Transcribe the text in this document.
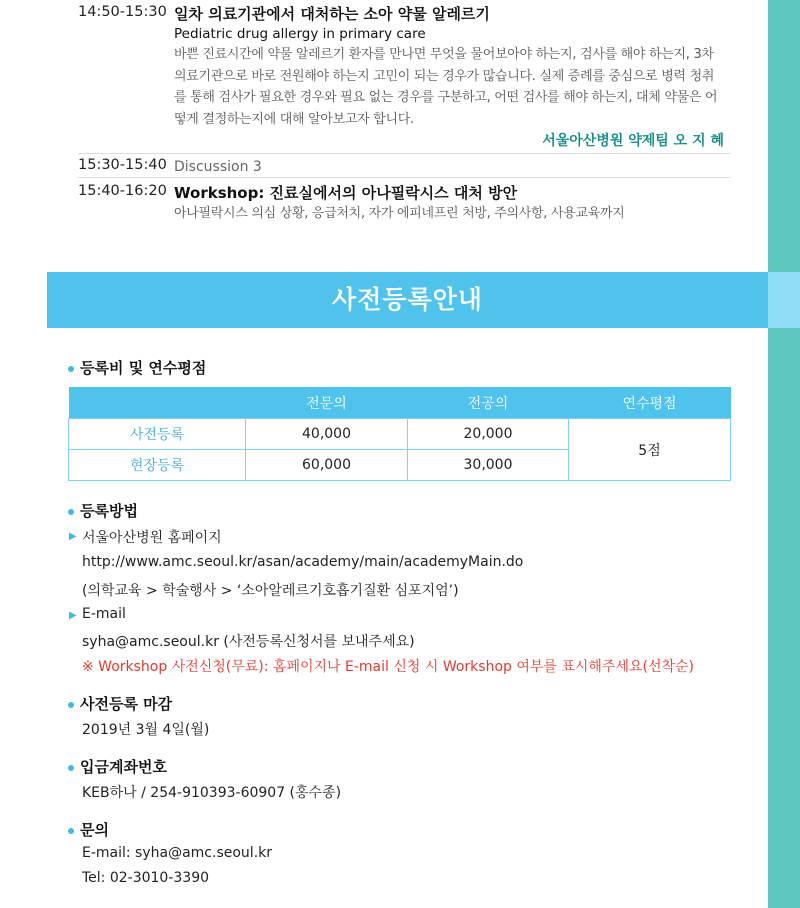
14:50-15:30 일차 의료기관에서 대처하는 소아 약물 알레르기
Pediatric drug allergy in primary care
바쁜 진료시간에 약물 알레르기 환자를 만나면 무엇을 물어보아야 하는지, 검사를 해야 하는지, 3차 의료기관으로 바로 전원해야 하는지 고민이 되는 경우가 많습니다. 실제 증례를 중심으로 병력 청취를 통해 검사가 필요한 경우와 필요 없는 경우를 구분하고, 어떤 검사를 해야 하는지, 대체 약물은 어떻게 결정하는지에 대해 알아보고자 합니다.
서울아산병원 약제팀 오 지 혜
15:30-15:40 Discussion 3
15:40-16:20 Workshop: 진료실에서의 아나필락시스 대처 방안
아나필락시스 의심 상황, 응급처치, 자가 에피네프린 처방, 주의사항, 사용교육까지
사전등록안내
등록비 및 연수평점
	전문의	전공의	연수평점
사전등록	40,000	20,000	5점
현장등록	60,000	30,000	
등록방법
▶ 서울아산병원 홈페이지
http://www.amc.seoul.kr/asan/academy/main/academyMain.do
(의학교육 > 학술행사 > ‘소아알레르기호흡기질환 심포지엄’)
▶ E-mail
syha@amc.seoul.kr (사전등록신청서를 보내주세요)
※ Workshop 사전신청(무료): 홈페이지나 E-mail 신청 시 Workshop 여부를 표시해주세요(선착순)
사전등록 마감
2019년 3월 4일(월)
입금계좌번호
KEB하나 / 254-910393-60907 (홍수종)
문의
E-mail: syha@amc.seoul.kr
Tel: 02-3010-3390
